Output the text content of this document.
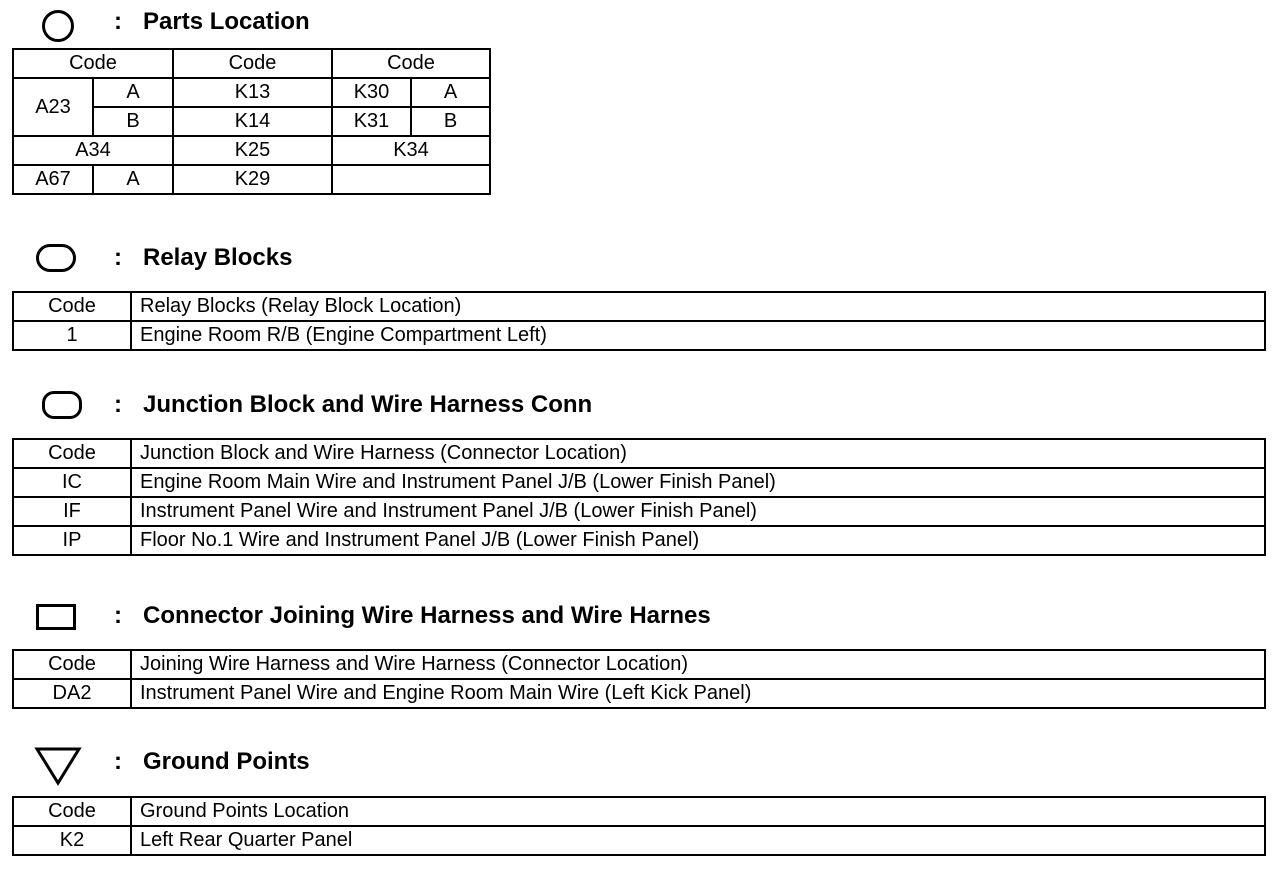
: Parts Location
Code		Code	Code	
A23	A	K13	K30	A
	B	K14	K31	B
A34		K25	K34	
A67	A	K29		
: Relay Blocks
Code	Relay Blocks (Relay Block Location)
1	Engine Room R/B (Engine Compartment Left)
: Junction Block and Wire Harness Conn
Code	Junction Block and Wire Harness (Connector Location)
IC	Engine Room Main Wire and Instrument Panel J/B (Lower Finish Panel)
IF	Instrument Panel Wire and Instrument Panel J/B (Lower Finish Panel)
IP	Floor No.1 Wire and Instrument Panel J/B (Lower Finish Panel)
: Connector Joining Wire Harness and Wire Harnes
Code	Joining Wire Harness and Wire Harness (Connector Location)
DA2	Instrument Panel Wire and Engine Room Main Wire (Left Kick Panel)
: Ground Points
Code	Ground Points Location
K2	Left Rear Quarter Panel
